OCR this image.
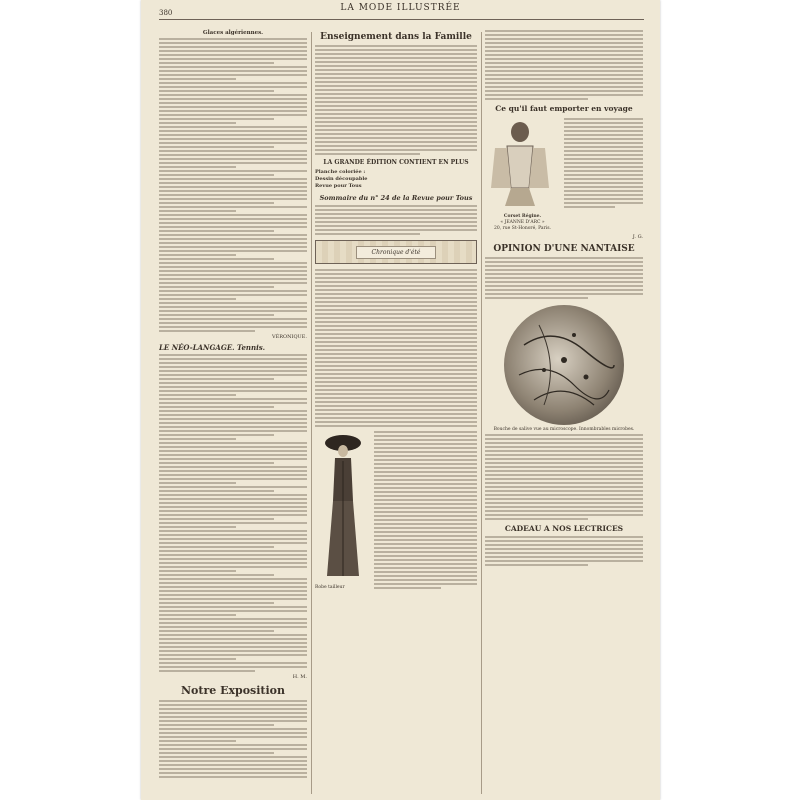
380	LA MODE ILLUSTRÉE
Glaces algériennes.
VÉRONIQUE.
LE NÉO-LANGAGE. Tennis.
H. M.
Notre Exposition
Enseignement dans la Famille
LA GRANDE ÉDITION CONTIENT EN PLUS
Planche coloriée :
Dessin découpable
Revue pour Tous
Sommaire du n° 24 de la Revue pour Tous
Chronique d'été
Robe tailleur
Ce qu'il faut emporter en voyage
Corset Régine.
« JEANNE D'ARC »
20, rue St-Honoré, Paris.
J. G.
OPINION D'UNE NANTAISE
Bouche de salive vue au microscope. Innombrables microbes.
CADEAU A NOS LECTRICES
